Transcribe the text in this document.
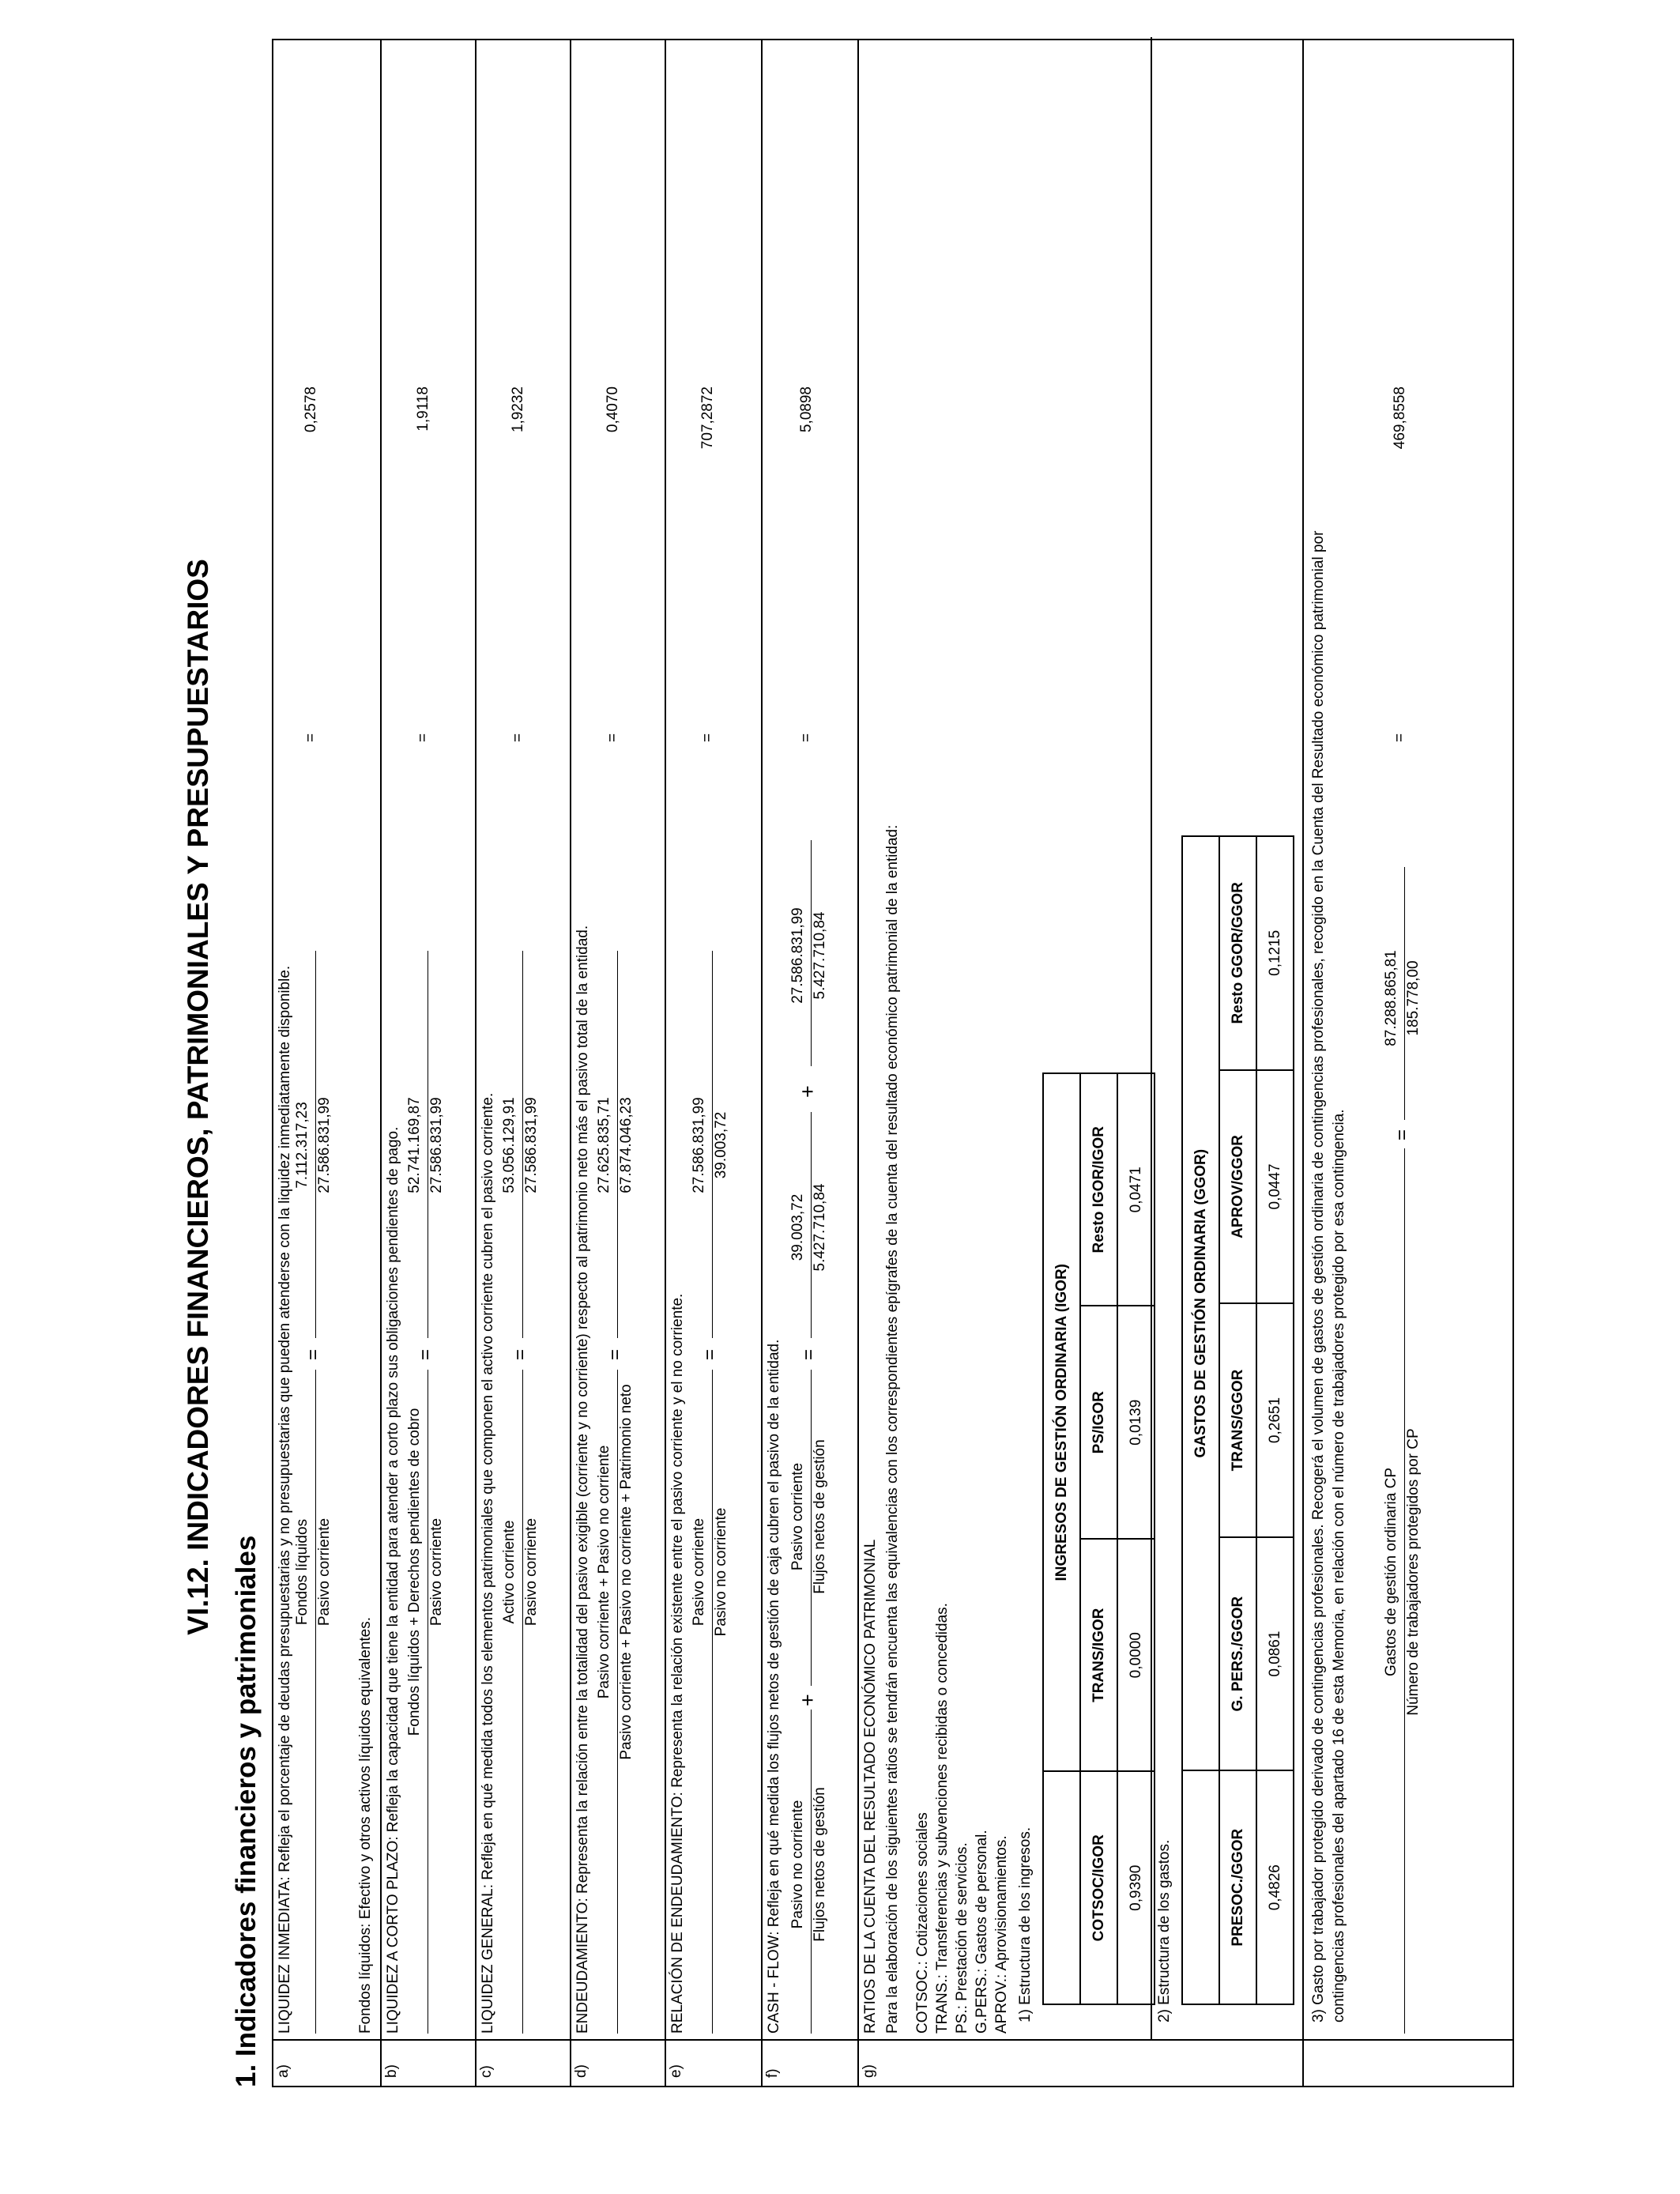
VI.12. INDICADORES FINANCIEROS, PATRIMONIALES Y PRESUPUESTARIOS
1. Indicadores financieros y patrimoniales a)
LIQUIDEZ INMEDIATA: Refleja el porcentaje de deudas presupuestarias y no presupuestarias que pueden atenderse con la liquidez inmediatamente disponible. Fondos líquidos Pasivo corriente
=
7.112.317,23 27.586.831,99
=
0,2578
Fondos líquidos: Efectivo y otros activos líquidos equivalentes.
b)
LIQUIDEZ A CORTO PLAZO: Refleja la capacidad que tiene la entidad para atender a corto plazo sus obligaciones pendientes de pago. Fondos líquidos + Derechos pendientes de cobro Pasivo corriente
=
52.741.169,87 27.586.831,99
=
1,9118
c)
LIQUIDEZ GENERAL: Refleja en qué medida todos los elementos patrimoniales que componen el activo corriente cubren el pasivo corriente. Activo corriente Pasivo corriente
=
53.056.129,91 27.586.831,99
=
1,9232
d)
ENDEUDAMIENTO: Representa la relación entre la totalidad del pasivo exigible (corriente y no corriente) respecto al patrimonio neto más el pasivo total de la entidad. Pasivo corriente + Pasivo no corriente Pasivo corriente + Pasivo no corriente + Patrimonio neto
=
27.625.835,71 67.874.046,23
=
0,4070
e)
RELACIÓN DE ENDEUDAMIENTO: Representa la relación existente entre el pasivo corriente y el no corriente. Pasivo corriente Pasivo no corriente
=
27.586.831,99 39.003,72
=
707,2872
f)
CASH - FLOW: Refleja en qué medida los flujos netos de gestión de caja cubren el pasivo de la entidad. Pasivo no corriente Flujos netos de gestión
+
Pasivo corriente Flujos netos de gestión
=
39.003,72 5.427.710,84
+
27.586.831,99 5.427.710,84
=
5,0898
g)
RATIOS DE LA CUENTA DEL RESULTADO ECONÓMICO PATRIMONIAL Para la elaboración de los siguientes ratios se tendrán encuenta las equivalencias con los correspondientes epígrafes de la cuenta del resultado económico patrimonial de la entidad: COTSOC.: Cotizaciones sociales TRANS.: Transferencias y subvenciones recibidas o concedidas. PS.: Prestación de servicios. G.PERS.: Gastos de personal. APROV.: Aprovisionamientos. 1) Estructura de los ingresos.
	INGRESOS DE GESTIÓN ORDINARIA (IGOR)		
COTSOC/IGOR	TRANS/IGOR	PS/IGOR	Resto IGOR/IGOR
0,9390	0,0000	0,0139	0,0471
2) Estructura de los gastos.
	GASTOS DE GESTIÓN ORDINARIA (GGOR)			
PRESOC./GGOR	G. PERS./GGOR	TRANS/GGOR	APROV/GGOR	Resto GGOR/GGOR
0,4826	0,0861	0,2651	0,0447	0,1215 3) Gasto por trabajador protegido derivado de contingencias profesionales. Recogerá el volumen de gastos de gestión ordinaria de contingencias profesionales, recogido en la Cuenta del Resultado económico patrimonial por contingencias profesionales del apartado 16 de esta Memoria, en relación con el número de trabajadores protegido por esa contingencia. Gastos de gestión ordinaria CP Número de trabajadores protegidos por CP
=
87.288.865,81 185.778,00
=
469,8558
